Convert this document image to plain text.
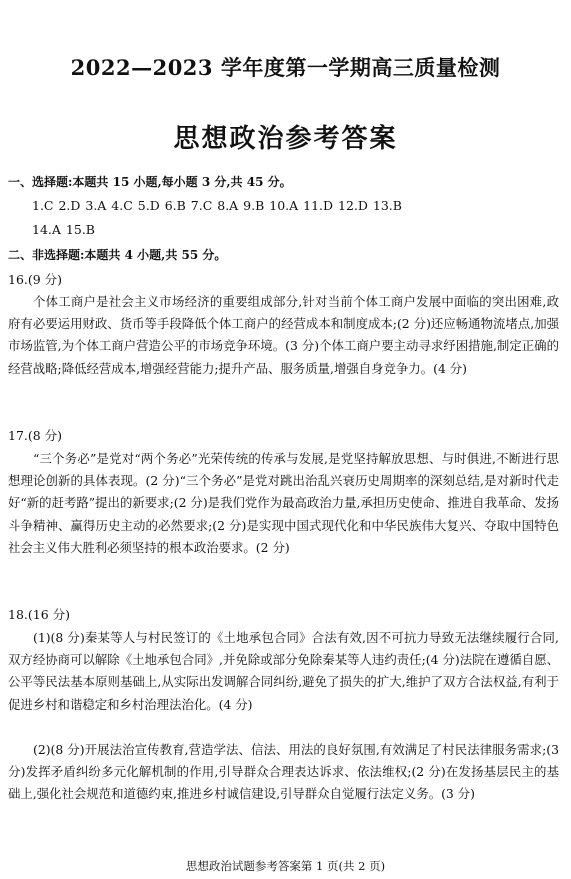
2022—2023 学年度第一学期高三质量检测
思想政治参考答案
一、选择题:本题共 15 小题,每小题 3 分,共 45 分。
1.C 2.D 3.A 4.C 5.D 6.B 7.C 8.A 9.B 10.A 11.D 12.D 13.B
14.A 15.B
二、非选择题:本题共 4 小题,共 55 分。
16.(9 分)
个体工商户是社会主义市场经济的重要组成部分,针对当前个体工商户发展中面临的突出困难,政府有必要运用财政、货币等手段降低个体工商户的经营成本和制度成本;(2 分)还应畅通物流堵点,加强市场监管,为个体工商户营造公平的市场竞争环境。(3 分)个体工商户要主动寻求纾困措施,制定正确的经营战略;降低经营成本,增强经营能力;提升产品、服务质量,增强自身竞争力。(4 分)
17.(8 分)
“三个务必”是党对“两个务必”光荣传统的传承与发展,是党坚持解放思想、与时俱进,不断进行思想理论创新的具体表现。(2 分)“三个务必”是党对跳出治乱兴衰历史周期率的深刻总结,是对新时代走好“新的赶考路”提出的新要求;(2 分)是我们党作为最高政治力量,承担历史使命、推进自我革命、发扬斗争精神、赢得历史主动的必然要求;(2 分)是实现中国式现代化和中华民族伟大复兴、夺取中国特色社会主义伟大胜利必须坚持的根本政治要求。(2 分)
18.(16 分)
(1)(8 分)秦某等人与村民签订的《土地承包合同》合法有效,因不可抗力导致无法继续履行合同,双方经协商可以解除《土地承包合同》,并免除或部分免除秦某等人违约责任;(4 分)法院在遵循自愿、公平等民法基本原则基础上,从实际出发调解合同纠纷,避免了损失的扩大,维护了双方合法权益,有利于促进乡村和谐稳定和乡村治理法治化。(4 分)
(2)(8 分)开展法治宣传教育,营造学法、信法、用法的良好氛围,有效满足了村民法律服务需求;(3 分)发挥矛盾纠纷多元化解机制的作用,引导群众合理表达诉求、依法维权;(2 分)在发扬基层民主的基础上,强化社会规范和道德约束,推进乡村诚信建设,引导群众自觉履行法定义务。(3 分)
思想政治试题参考答案第 1 页(共 2 页)
